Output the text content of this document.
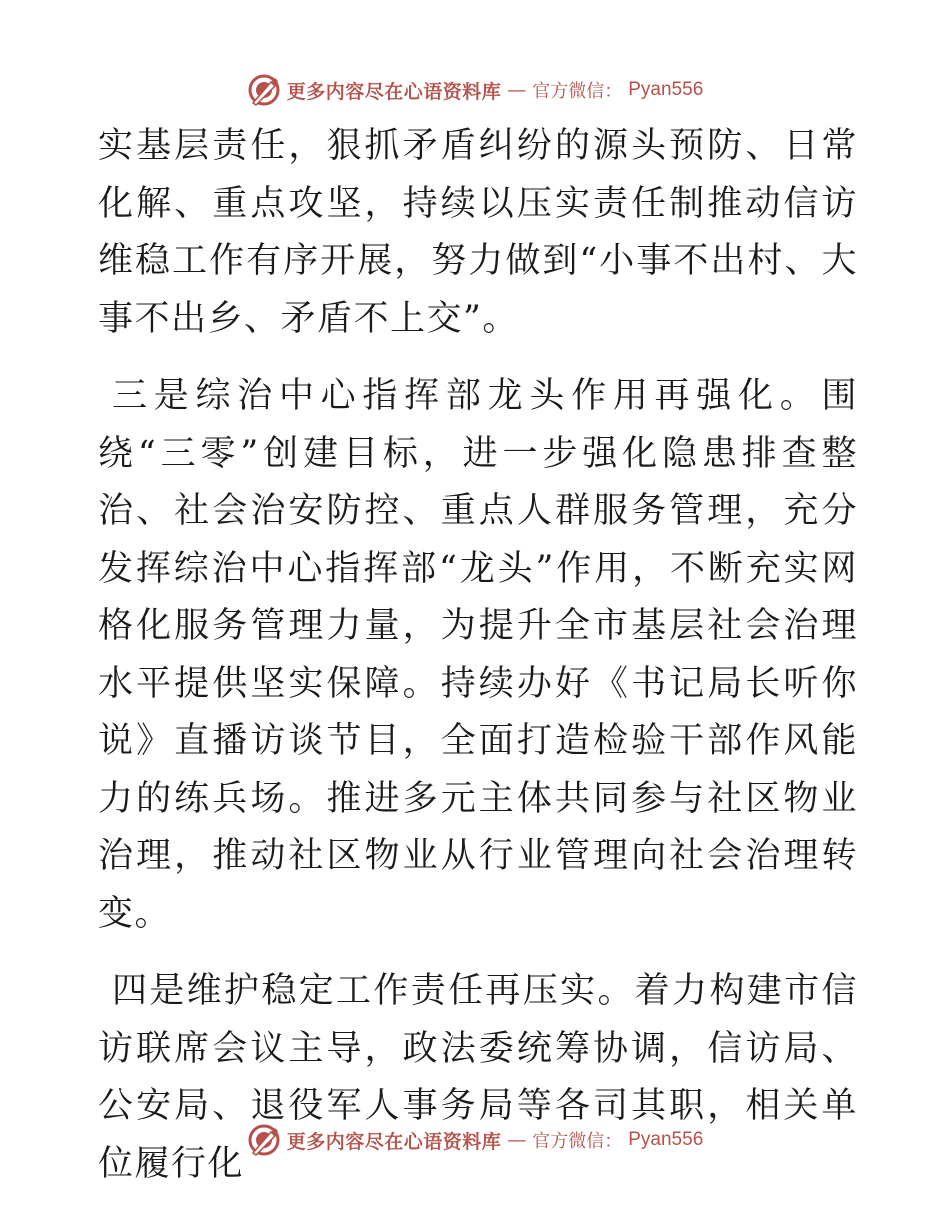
更多内容尽在心语资料库 — 官方微信： Pyan556

实基层责任，狠抓矛盾纠纷的源头预防、日常化解、重点攻坚，持续以压实责任制推动信访维稳工作有序开展，努力做到“小事不出村、大事不出乡、矛盾不上交”。

三是综治中心指挥部龙头作用再强化。围绕“三零”创建目标，进一步强化隐患排查整治、社会治安防控、重点人群服务管理，充分发挥综治中心指挥部“龙头”作用，不断充实网格化服务管理力量，为提升全市基层社会治理水平提供坚实保障。持续办好《书记局长听你说》直播访谈节目，全面打造检验干部作风能力的练兵场。推进多元主体共同参与社区物业治理，推动社区物业从行业管理向社会治理转变。

四是维护稳定工作责任再压实。着力构建市信访联席会议主导，政法委统筹协调，信访局、公安局、退役军人事务局等各司其职，相关单位履行化

更多内容尽在心语资料库 — 官方微信： Pyan556
